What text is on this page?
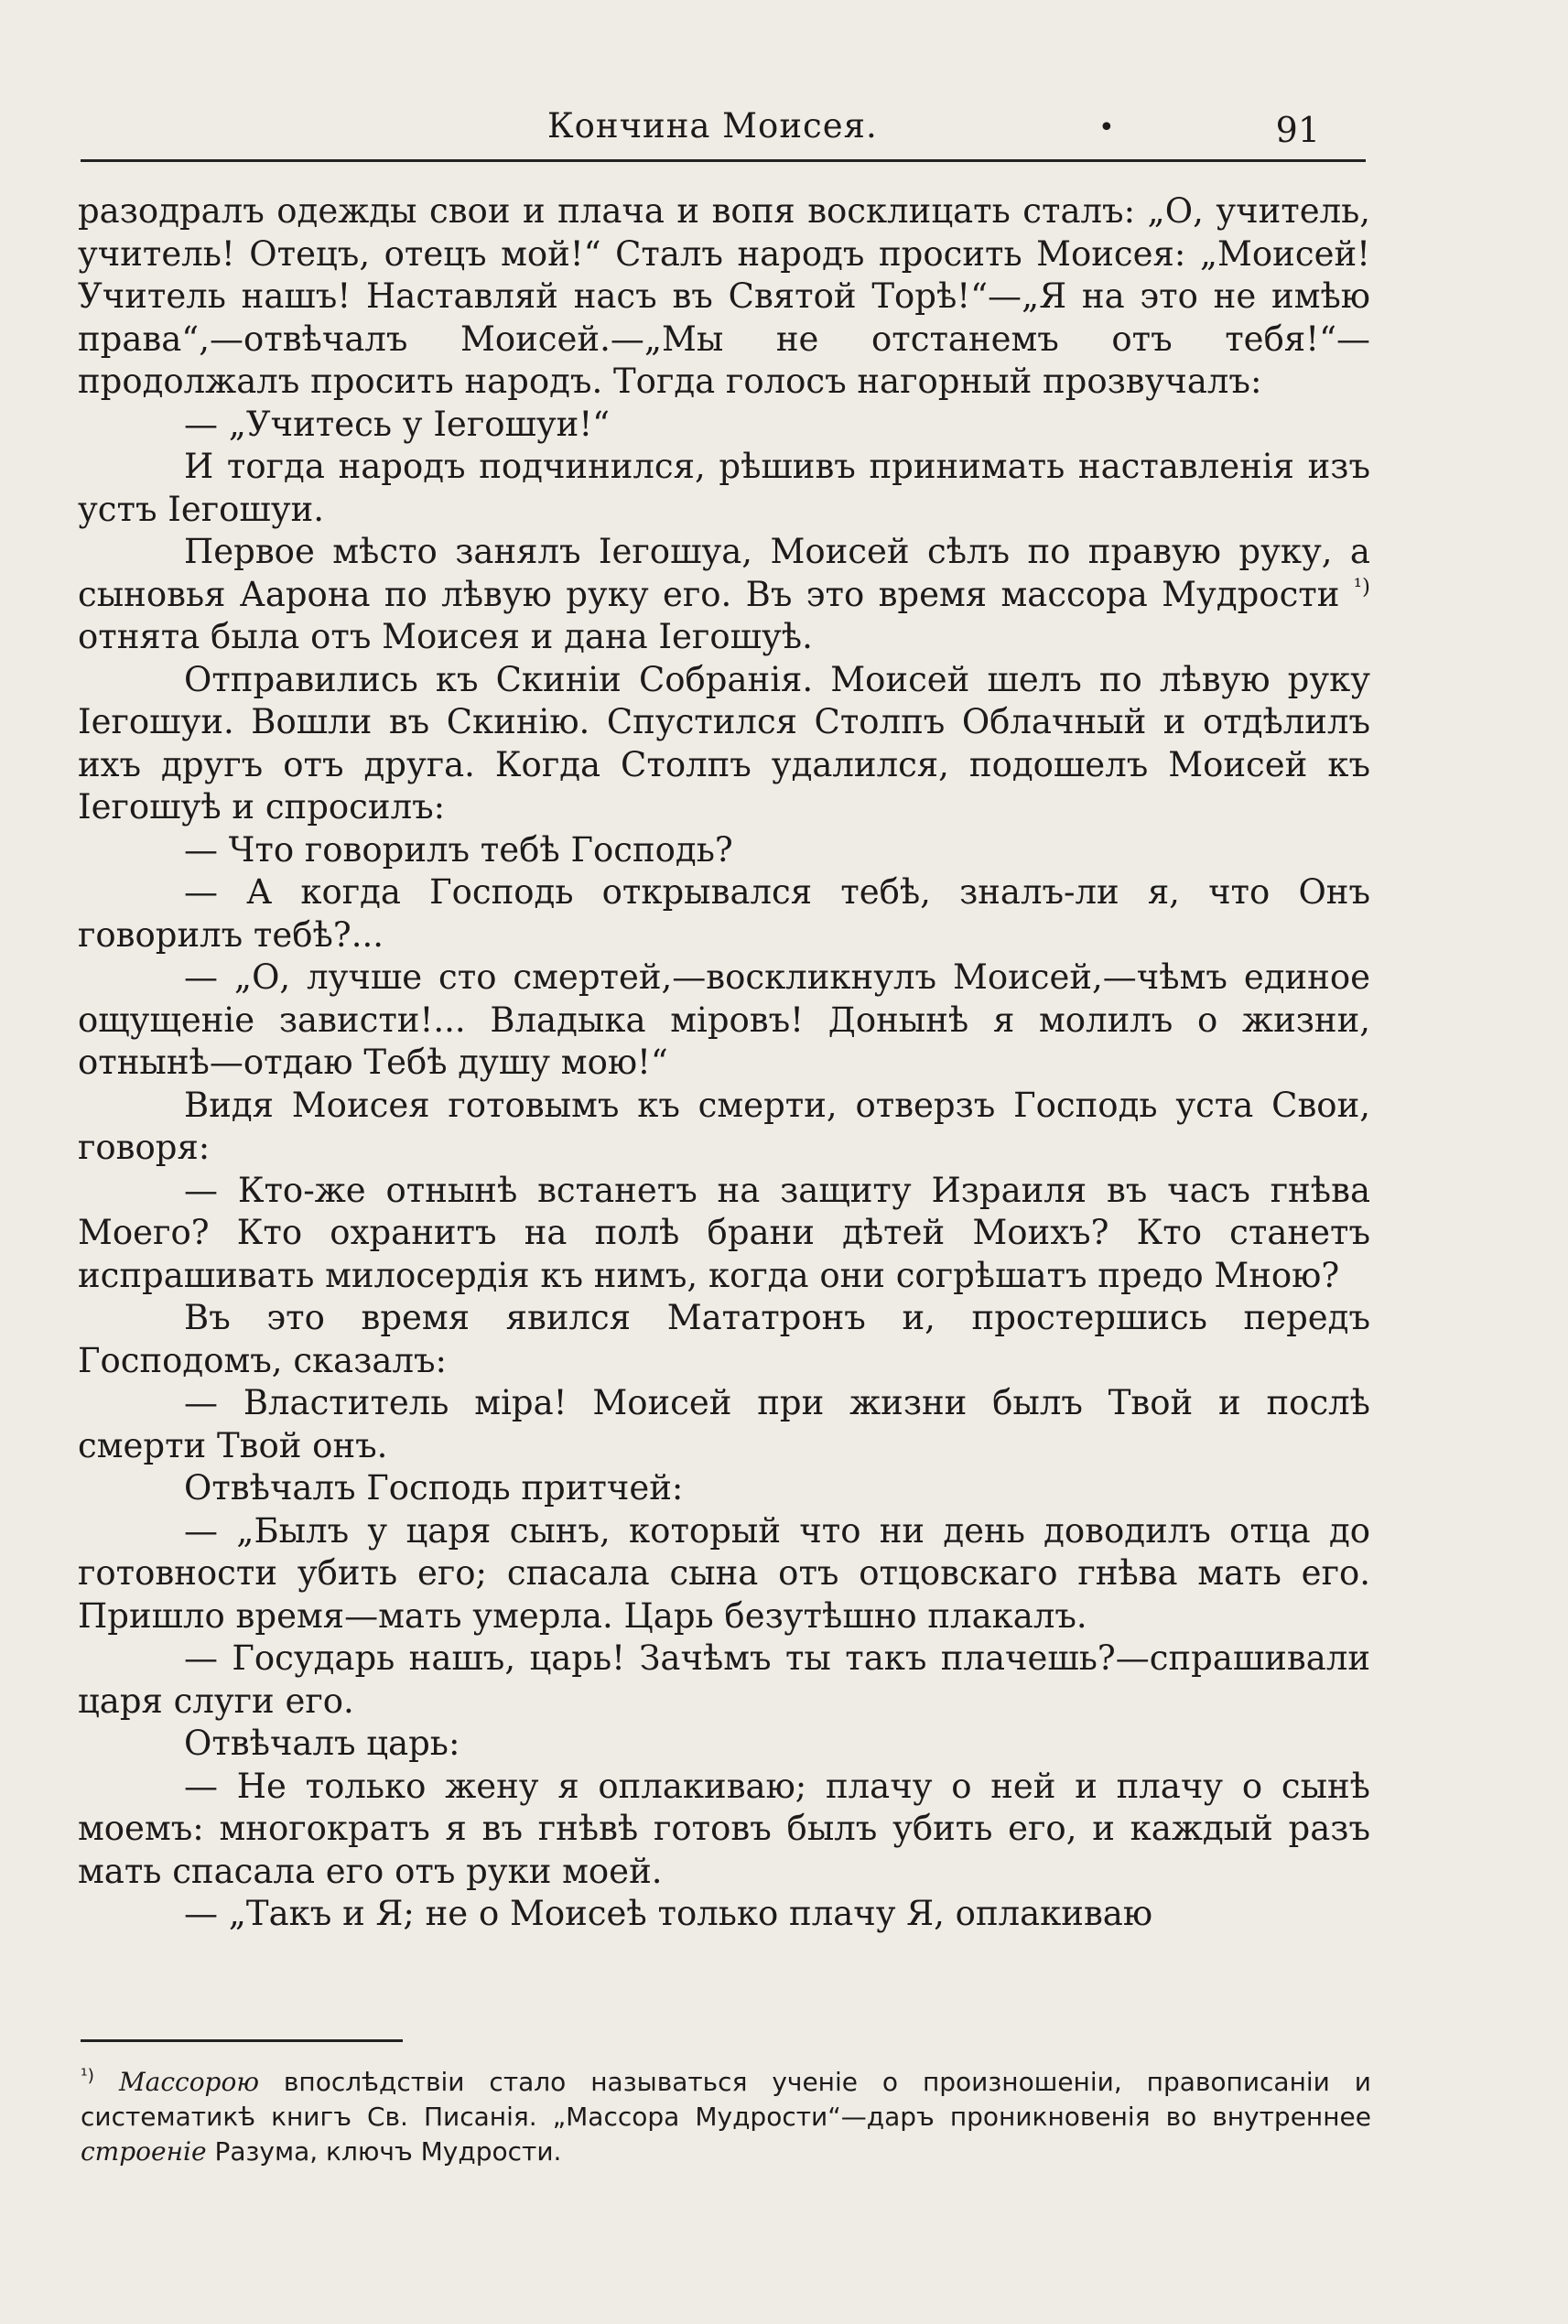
Кончина Моисея.	•	91

разодралъ одежды свои и плача и вопя восклицать сталъ: „О, учитель, учитель! Отецъ, отецъ мой!“ Сталъ народъ просить Моисея: „Моисей! Учитель нашъ! Наставляй насъ въ Святой Торѣ!“—„Я на это не имѣю права“,—отвѣчалъ Моисей.—„Мы не отстанемъ отъ тебя!“—продолжалъ просить народъ. Тогда голосъ нагорный прозвучалъ:

— „Учитесь у Іегошуи!“

И тогда народъ подчинился, рѣшивъ принимать наставленія изъ устъ Іегошуи.

Первое мѣсто занялъ Іегошуа, Моисей сѣлъ по правую руку, а сыновья Аарона по лѣвую руку его. Въ это время массора Мудрости $^{^1)}$ отнята была отъ Моисея и дана Іегошуѣ.

Отправились къ Скиніи Собранія. Моисей шелъ по лѣвую руку Іегошуи. Вошли въ Скинію. Спустился Столпъ Облачный и отдѣлилъ ихъ другъ отъ друга. Когда Столпъ удалился, подошелъ Моисей къ Іегошуѣ и спросилъ:

— Что говорилъ тебѣ Господь?

— А когда Господь открывался тебѣ, зналъ-ли я, что Онъ говорилъ тебѣ?...

— „О, лучше сто смертей,—воскликнулъ Моисей,—чѣмъ единое ощущеніе зависти!... Владыка міровъ! Донынѣ я молилъ о жизни, отнынѣ—отдаю Тебѣ душу мою!“

Видя Моисея готовымъ къ смерти, отверзъ Господь уста Свои, говоря:

— Кто-же отнынѣ встанетъ на защиту Израиля въ часъ гнѣва Моего? Кто охранитъ на полѣ брани дѣтей Моихъ? Кто станетъ испрашивать милосердія къ нимъ, когда они согрѣшатъ предо Мною?

Въ это время явился Мататронъ и, простершись передъ Господомъ, сказалъ:

— Властитель міра! Моисей при жизни былъ Твой и послѣ смерти Твой онъ.

Отвѣчалъ Господь притчей:

— „Былъ у царя сынъ, который что ни день доводилъ отца до готовности убить его; спасала сына отъ отцовскаго гнѣва мать его. Пришло время—мать умерла. Царь безутѣшно плакалъ.

— Государь нашъ, царь! Зачѣмъ ты такъ плачешь?—спрашивали царя слуги его.

Отвѣчалъ царь:

— Не только жену я оплакиваю; плачу о ней и плачу о сынѣ моемъ: многократъ я въ гнѣвѣ готовъ былъ убить его, и каждый разъ мать спасала его отъ руки моей.

— „Такъ и Я; не о Моисеѣ только плачу Я, оплакиваю

$^{^1)}$ Массорою впослѣдствіи стало называться ученіе о произношеніи, правописаніи и систематикѣ книгъ Св. Писанія. „Массора Мудрости“—даръ проникновенія во внутреннее строеніе Разума, ключъ Мудрости.
